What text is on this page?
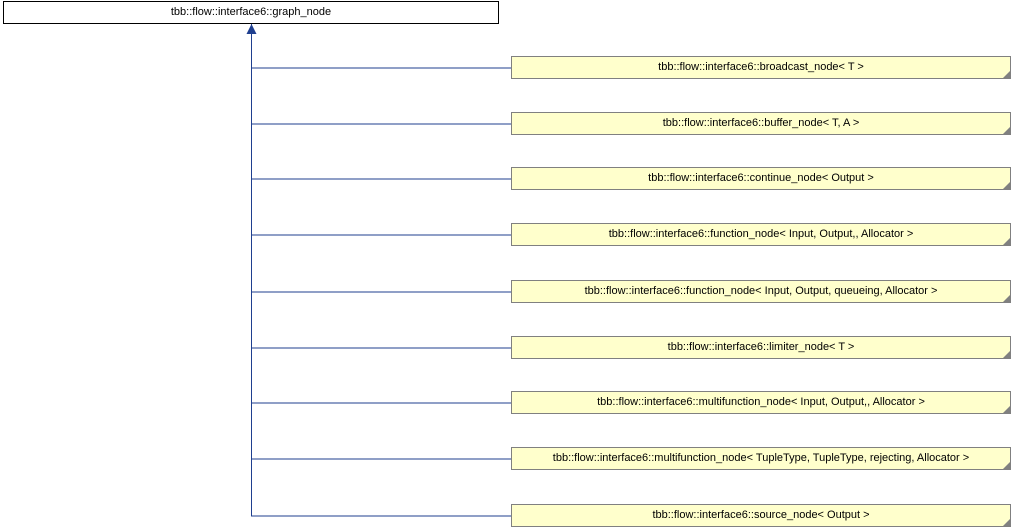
tbb::flow::interface6::graph_node
tbb::flow::interface6::broadcast_node< T >
tbb::flow::interface6::buffer_node< T, A >
tbb::flow::interface6::continue_node< Output >
tbb::flow::interface6::function_node< Input, Output,, Allocator >
tbb::flow::interface6::function_node< Input, Output, queueing, Allocator >
tbb::flow::interface6::limiter_node< T >
tbb::flow::interface6::multifunction_node< Input, Output,, Allocator >
tbb::flow::interface6::multifunction_node< TupleType, TupleType, rejecting, Allocator >
tbb::flow::interface6::source_node< Output >
